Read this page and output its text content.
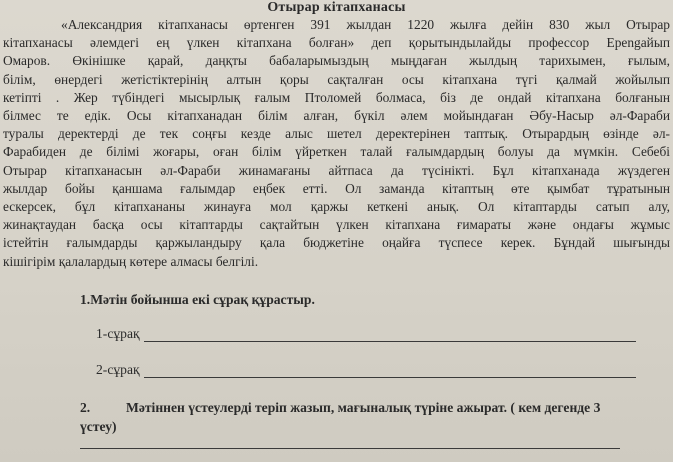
Отырар кітапханасы
«Александрия кітапханасы өртенген 391 жылдан 1220 жылға дейін 830 жыл Отырар
кітапханасы әлемдегі ең үлкен кітапхана болған» деп қорытындылайды профессор Ереngайып
Омаров. Өкінішке қарай, даңқты бабаларымыздың мыңдаған жылдың тарихымен, ғылым,
білім, өнердегі жетістіктерінің алтын қоры сақталған осы кітапхана түгі қалмай жойылып
кетіпті . Жер түбіндегі мысырлық ғалым Птоломей болмаса, біз де ондай кітапхана болғанын
білмес те едік. Осы кітапханадан білім алған, бүкіл әлем мойындаған Әбу-Насыр әл-Фараби
туралы деректерді де тек соңғы кезде алыс шетел деректерінен таптық. Отырардың өзінде әл-
Фарабиден де білімі жоғары, оған білім үйреткен талай ғалымдардың болуы да мүмкін. Себебі
Отырар кітапханасын әл-Фараби жинамағаны айтпаса да түсінікті. Бұл кітапханада жүздеген
жылдар бойы қаншама ғалымдар еңбек етті. Ол заманда кітаптың өте қымбат тұратынын
ескерсек, бұл кітапхананы жинауға мол қаржы кеткені анық. Ол кітаптарды сатып алу,
жинақтаудан басқа осы кітаптарды сақтайтын үлкен кітапхана ғимараты және ондағы жұмыс
істейтін ғалымдарды қаржыландыру қала бюджетіне оңайға түспесе керек. Бұндай шығынды
кішігірім қалалардың көтере алмасы белгілі.
1.Мәтін бойынша екі сұрақ құрастыр.
1-сұрақ
2-сұрақ
2.	Мәтіннен үстеулерді теріп жазып, мағыналық түріне ажырат. ( кем дегенде 3 үстеу)
